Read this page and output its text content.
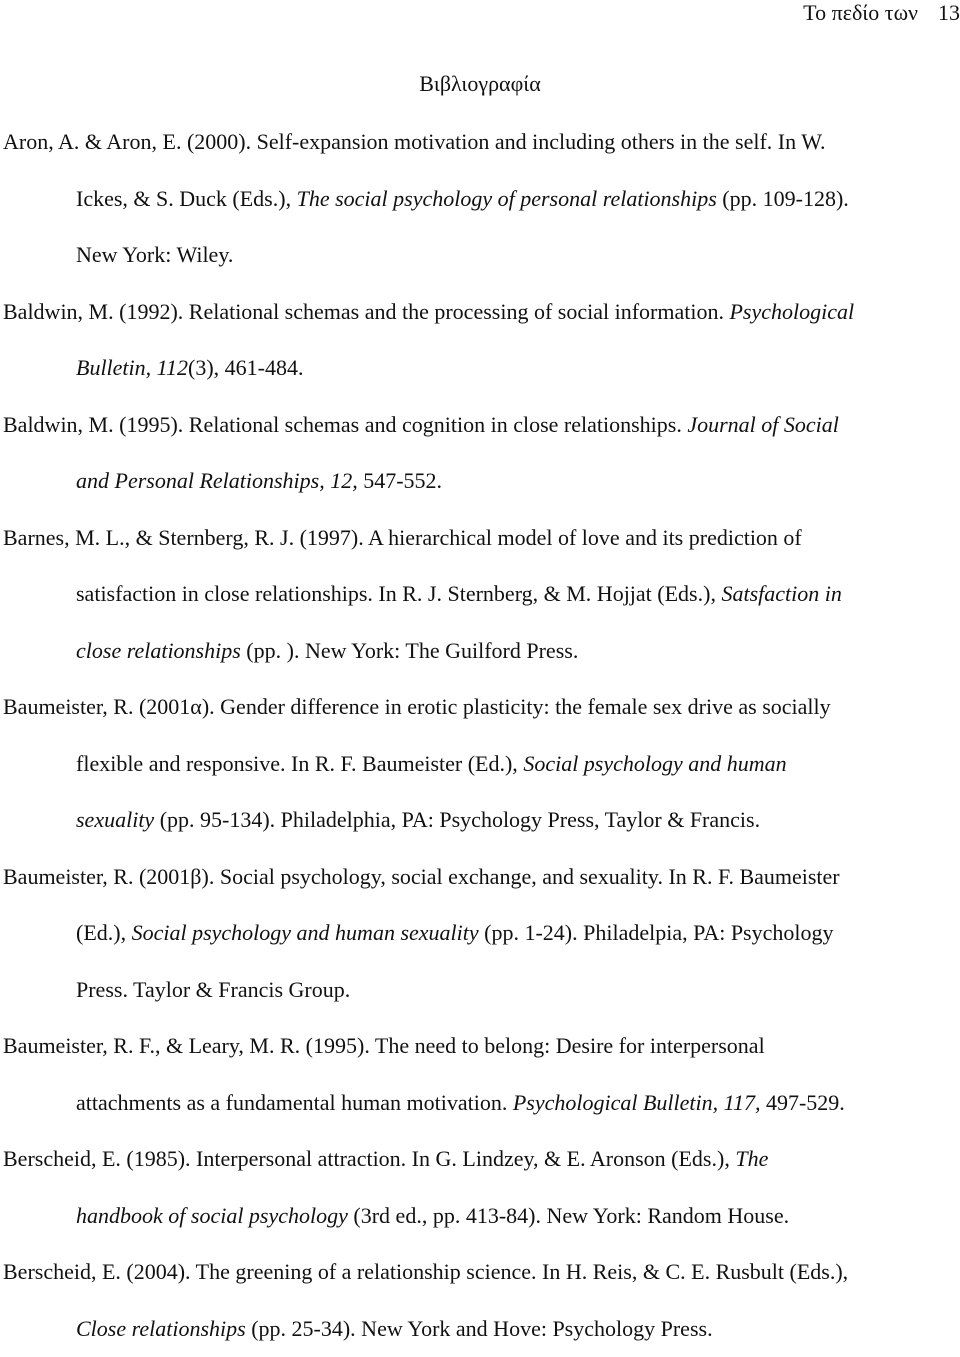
Το πεδίο των 13
Βιβλιογραφία
Aron, A. & Aron, E. (2000). Self-expansion motivation and including others in the self. In W.
Ickes, & S. Duck (Eds.), The social psychology of personal relationships (pp. 109-128).
New York: Wiley.
Baldwin, M. (1992). Relational schemas and the processing of social information. Psychological
Bulletin, 112(3), 461-484.
Baldwin, M. (1995). Relational schemas and cognition in close relationships. Journal of Social
and Personal Relationships, 12, 547-552.
Barnes, M. L., & Sternberg, R. J. (1997). A hierarchical model of love and its prediction of
satisfaction in close relationships. In R. J. Sternberg, & M. Hojjat (Eds.), Satsfaction in
close relationships (pp. ). New York: The Guilford Press.
Baumeister, R. (2001α). Gender difference in erotic plasticity: the female sex drive as socially
flexible and responsive. In R. F. Baumeister (Ed.), Social psychology and human
sexuality (pp. 95-134). Philadelphia, PA: Psychology Press, Taylor & Francis.
Baumeister, R. (2001β). Social psychology, social exchange, and sexuality. In R. F. Baumeister
(Ed.), Social psychology and human sexuality (pp. 1-24). Philadelpia, PA: Psychology
Press. Taylor & Francis Group.
Baumeister, R. F., & Leary, M. R. (1995). The need to belong: Desire for interpersonal
attachments as a fundamental human motivation. Psychological Bulletin, 117, 497-529.
Berscheid, E. (1985). Interpersonal attraction. In G. Lindzey, & E. Aronson (Eds.), The
handbook of social psychology (3rd ed., pp. 413-84). New York: Random House.
Berscheid, E. (2004). The greening of a relationship science. In H. Reis, & C. E. Rusbult (Eds.),
Close relationships (pp. 25-34). New York and Hove: Psychology Press.
